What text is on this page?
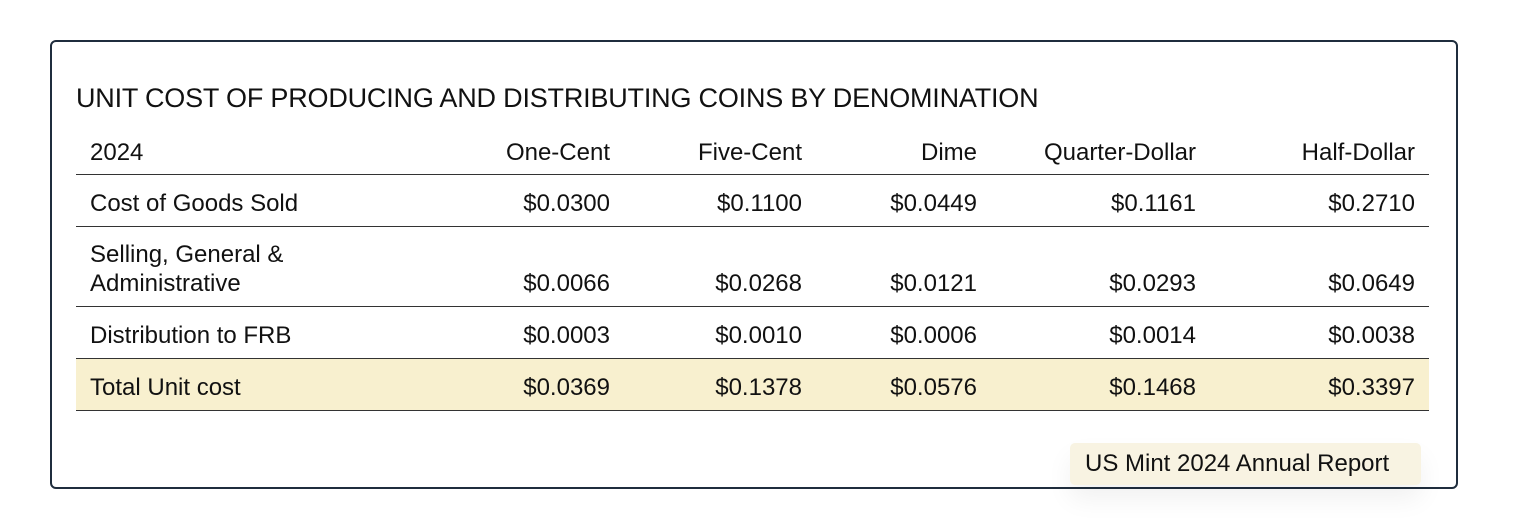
UNIT COST OF PRODUCING AND DISTRIBUTING COINS BY DENOMINATION
2024	One-Cent	Five-Cent	Dime	Quarter-Dollar	Half-Dollar
Cost of Goods Sold	$0.0300	$0.1100	$0.0449	$0.1161	$0.2710
Selling, General & Administrative	$0.0066	$0.0268	$0.0121	$0.0293	$0.0649
Distribution to FRB	$0.0003	$0.0010	$0.0006	$0.0014	$0.0038
Total Unit cost	$0.0369	$0.1378	$0.0576	$0.1468	$0.3397
US Mint 2024 Annual Report
